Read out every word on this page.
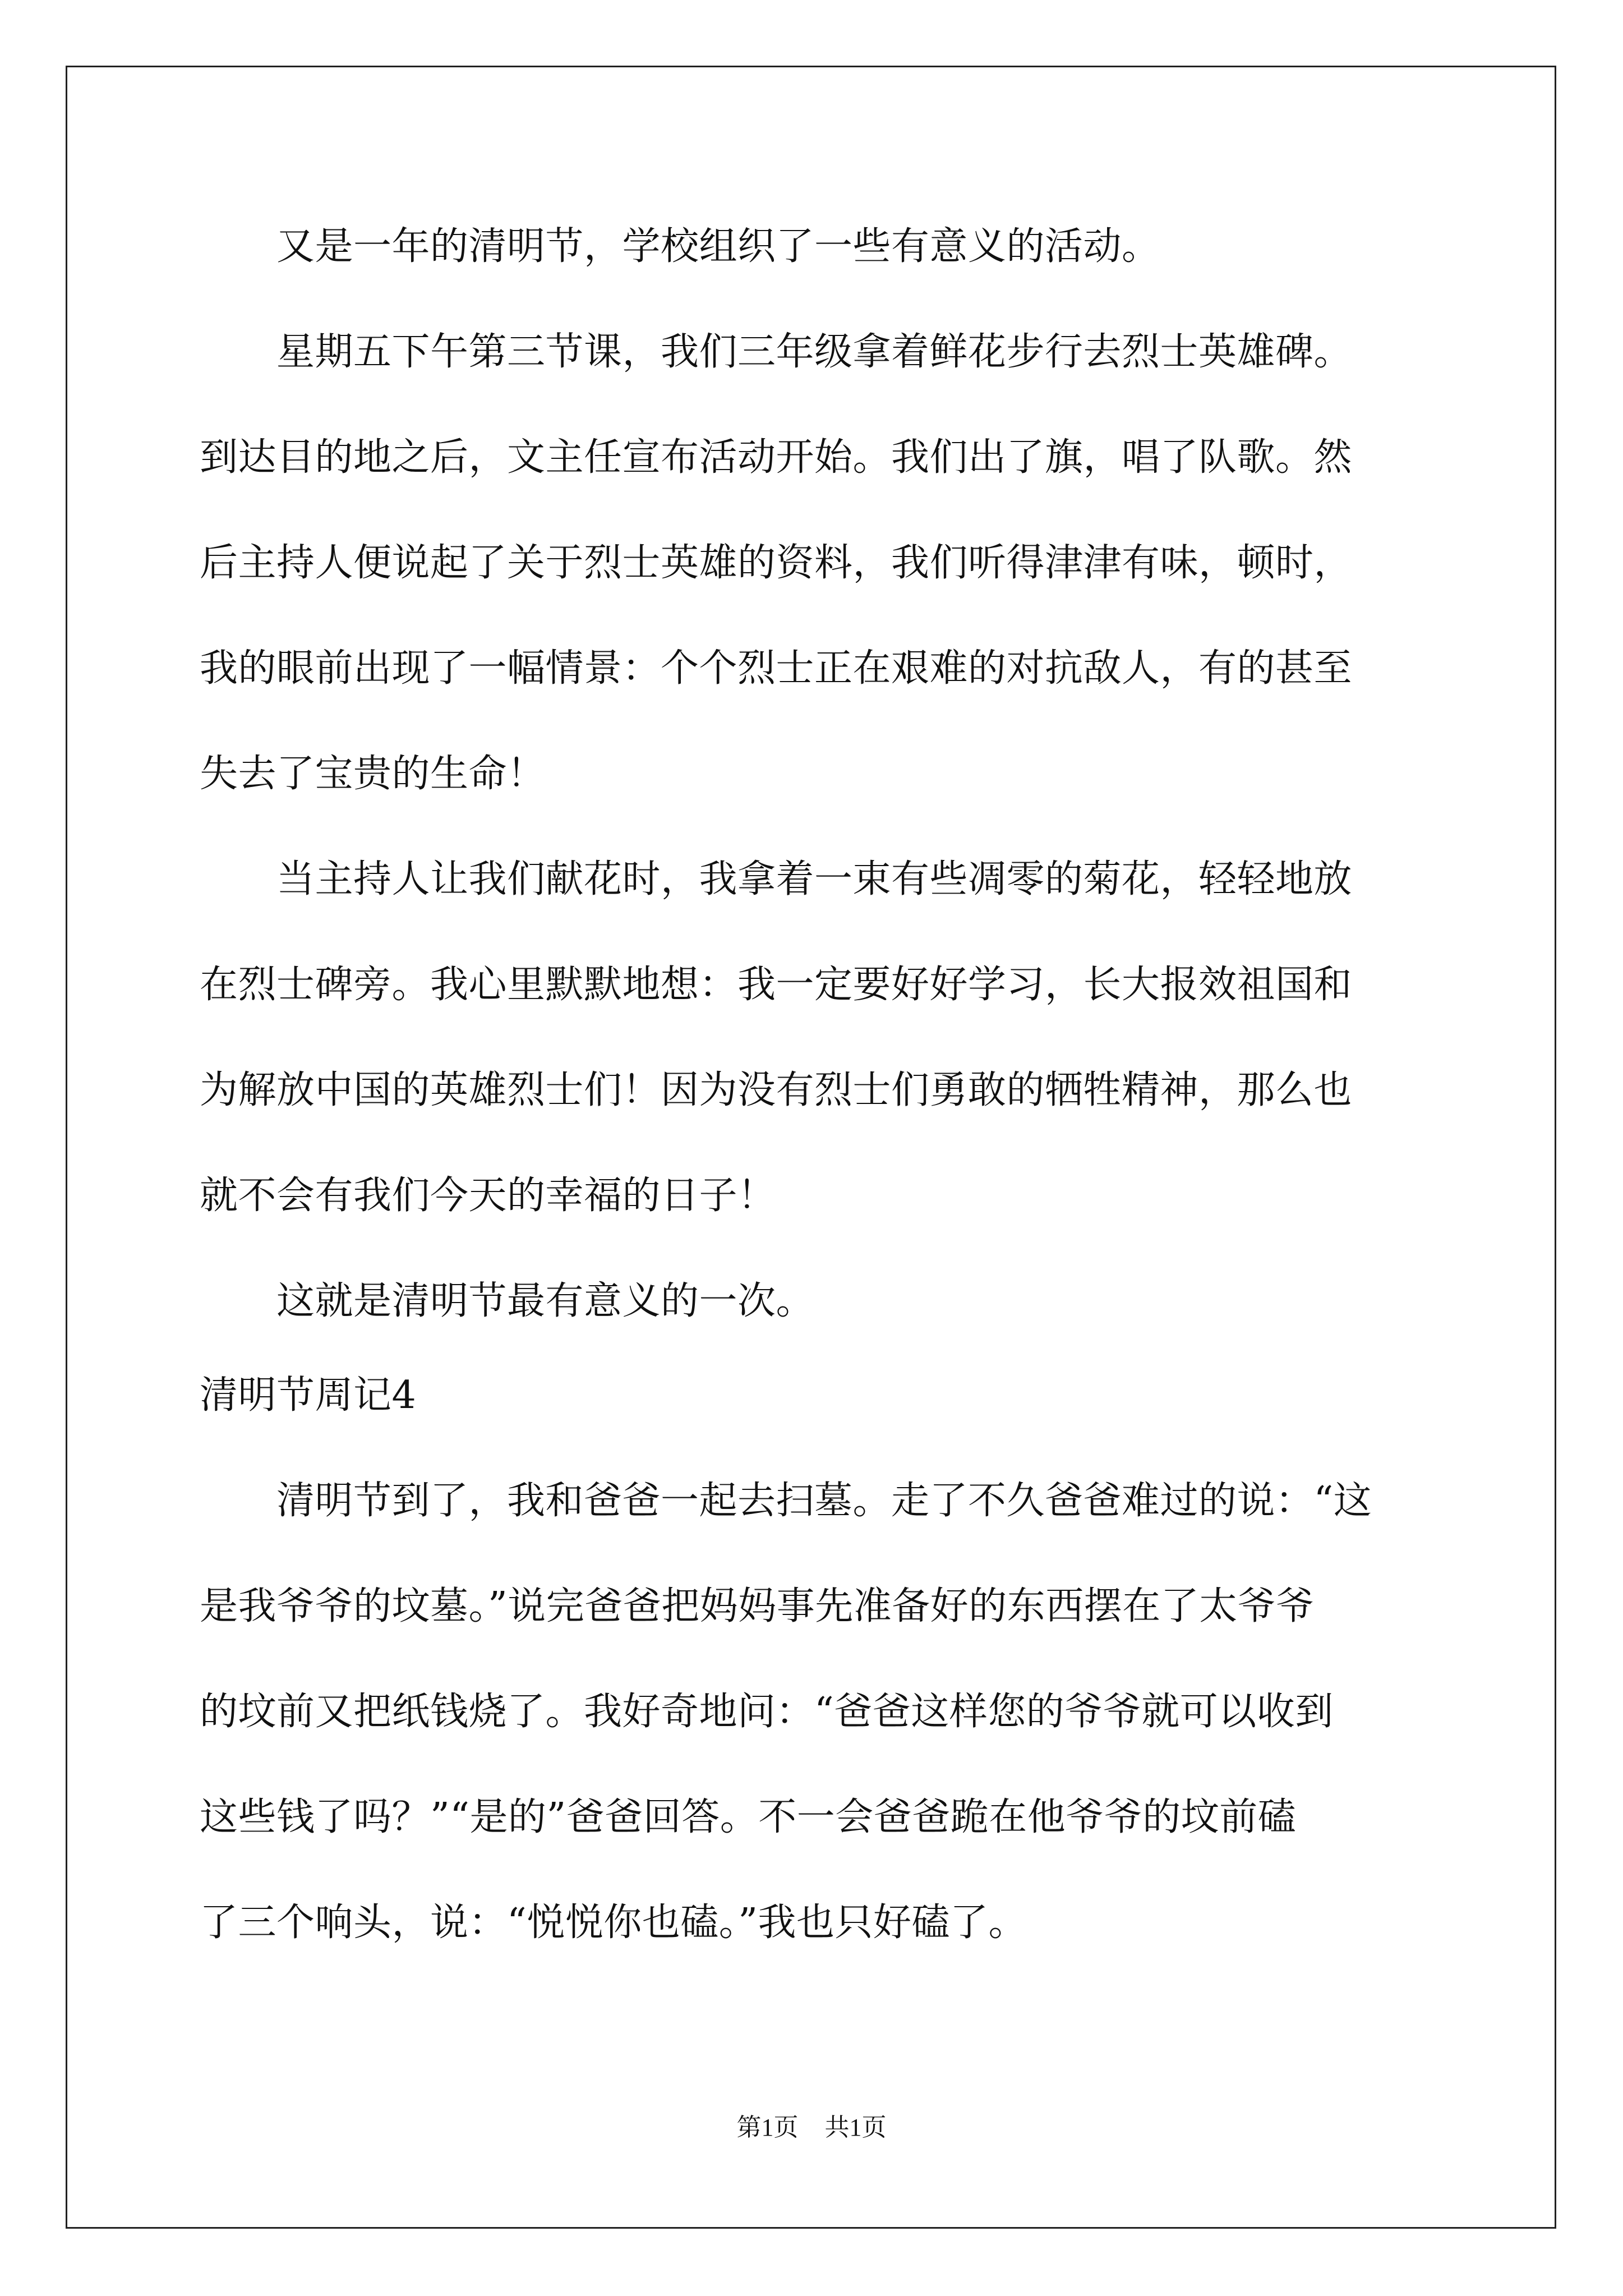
　　又是一年的清明节，学校组织了一些有意义的活动。
　　星期五下午第三节课，我们三年级拿着鲜花步行去烈士英雄碑。
到达目的地之后，文主任宣布活动开始。我们出了旗，唱了队歌。然
后主持人便说起了关于烈士英雄的资料，我们听得津津有味，顿时，
我的眼前出现了一幅情景：个个烈士正在艰难的对抗敌人，有的甚至
失去了宝贵的生命！
　　当主持人让我们献花时，我拿着一束有些凋零的菊花，轻轻地放
在烈士碑旁。我心里默默地想：我一定要好好学习，长大报效祖国和
为解放中国的英雄烈士们！因为没有烈士们勇敢的牺牲精神，那么也
就不会有我们今天的幸福的日子！
　　这就是清明节最有意义的一次。
清明节周记4
　　清明节到了，我和爸爸一起去扫墓。走了不久爸爸难过的说：“这
是我爷爷的坟墓。”说完爸爸把妈妈事先准备好的东西摆在了太爷爷
的坟前又把纸钱烧了。我好奇地问：“爸爸这样您的爷爷就可以收到
这些钱了吗？”“是的”爸爸回答。不一会爸爸跪在他爷爷的坟前磕
了三个响头，说：“悦悦你也磕。”我也只好磕了。
第1页 共1页
